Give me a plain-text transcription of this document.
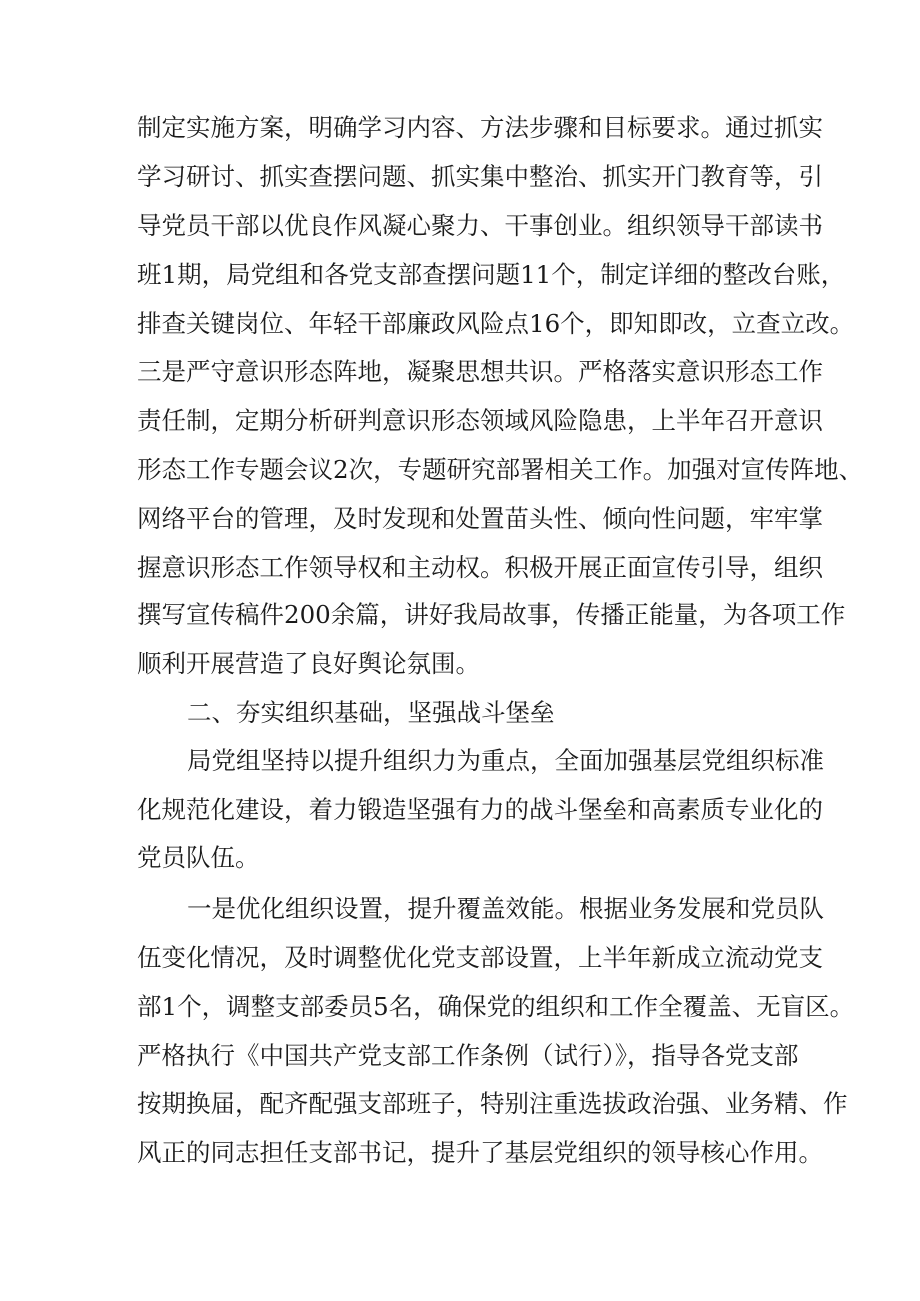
制定实施方案，明确学习内容、方法步骤和目标要求。通过抓实
学习研讨、抓实查摆问题、抓实集中整治、抓实开门教育等，引
导党员干部以优良作风凝心聚力、干事创业。组织领导干部读书
班1期，局党组和各党支部查摆问题11个，制定详细的整改台账，
排查关键岗位、年轻干部廉政风险点16个，即知即改，立查立改。
三是严守意识形态阵地，凝聚思想共识。严格落实意识形态工作
责任制，定期分析研判意识形态领域风险隐患，上半年召开意识
形态工作专题会议2次，专题研究部署相关工作。加强对宣传阵地、
网络平台的管理，及时发现和处置苗头性、倾向性问题，牢牢掌
握意识形态工作领导权和主动权。积极开展正面宣传引导，组织
撰写宣传稿件200余篇，讲好我局故事，传播正能量，为各项工作
顺利开展营造了良好舆论氛围。
二、夯实组织基础，坚强战斗堡垒
局党组坚持以提升组织力为重点，全面加强基层党组织标准
化规范化建设，着力锻造坚强有力的战斗堡垒和高素质专业化的
党员队伍。
一是优化组织设置，提升覆盖效能。根据业务发展和党员队
伍变化情况，及时调整优化党支部设置，上半年新成立流动党支
部1个，调整支部委员5名，确保党的组织和工作全覆盖、无盲区。
严格执行《中国共产党支部工作条例（试行）》，指导各党支部
按期换届，配齐配强支部班子，特别注重选拔政治强、业务精、作
风正的同志担任支部书记，提升了基层党组织的领导核心作用。
